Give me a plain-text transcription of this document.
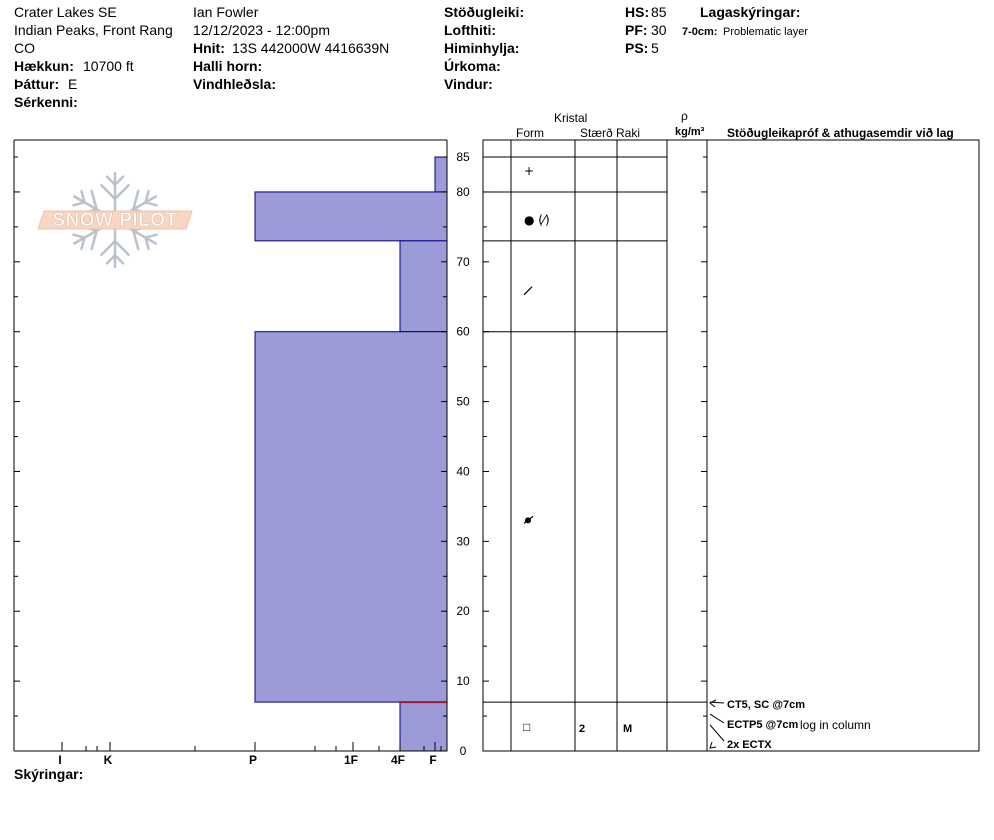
Crater Lakes SE
Indian Peaks, Front Rang
CO
Hækkun: 10700 ft
Þáttur: E
Sérkenni:
Ian Fowler
12/12/2023 - 12:00pm
Hnit: 13S 442000W 4416639N
Halli horn:
Vindhleðsla:
Stöðugleiki:
Lofthiti:
Himinhylja:
Úrkoma:
Vindur:
HS: 85
PF: 30
PS: 5
Lagaskýringar:
7-0cm: Problematic layer
Kristal
Form	Stærð Raki
ρ
kg/m³ Stöðugleikapróf & athugasemdir við lag
Skýringar:
SNOW PILOT
0
10
20
30
40
50
60
70
80
85
I	K	P	1F	4F F
+
● (⁄)
□	2	M
CT5, SC @7cm
ECTP5 @7cm log in column
2x ECTX
